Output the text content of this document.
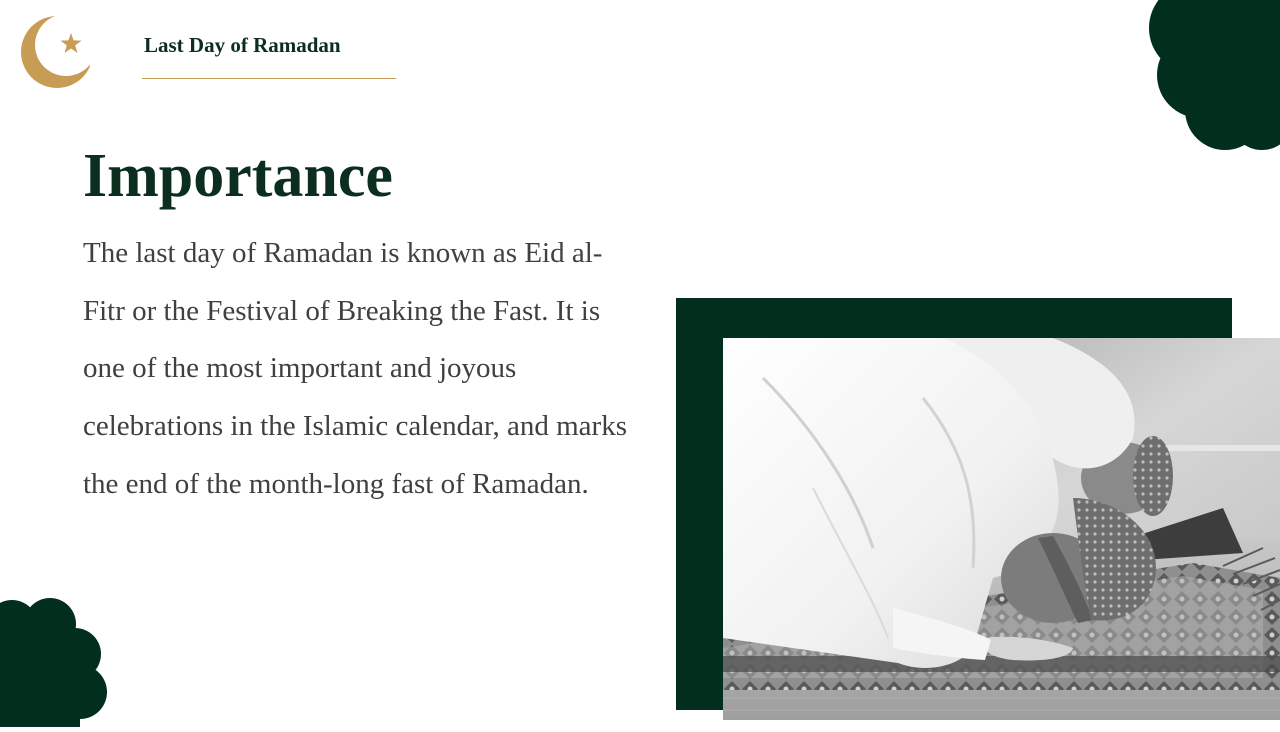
Last Day of Ramadan
Importance

The last day of Ramadan is known as Eid al-Fitr or the Festival of Breaking the Fast. It is one of the most important and joyous celebrations in the Islamic calendar, and marks the end of the month-long fast of Ramadan.
